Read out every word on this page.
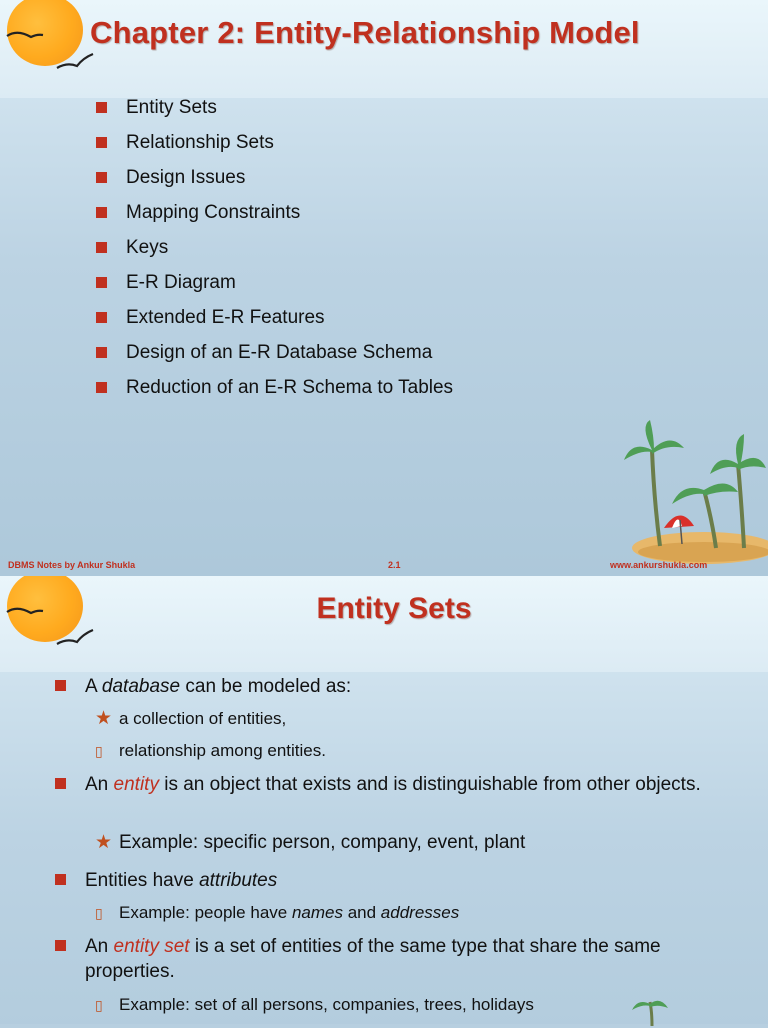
Chapter 2: Entity-Relationship Model
Entity Sets
Relationship Sets
Design Issues
Mapping Constraints
Keys
E-R Diagram
Extended E-R Features
Design of an E-R Database Schema
Reduction of an E-R Schema to Tables
DBMS Notes by Ankur Shukla	2.1	www.ankurshukla.com
Entity Sets
A database can be modeled as:
★ a collection of entities,
▯ relationship among entities.
An entity is an object that exists and is distinguishable from other objects.
★ Example: specific person, company, event, plant
Entities have attributes
▯ Example: people have names and addresses
An entity set is a set of entities of the same type that share the same properties.
▯ Example: set of all persons, companies, trees, holidays
